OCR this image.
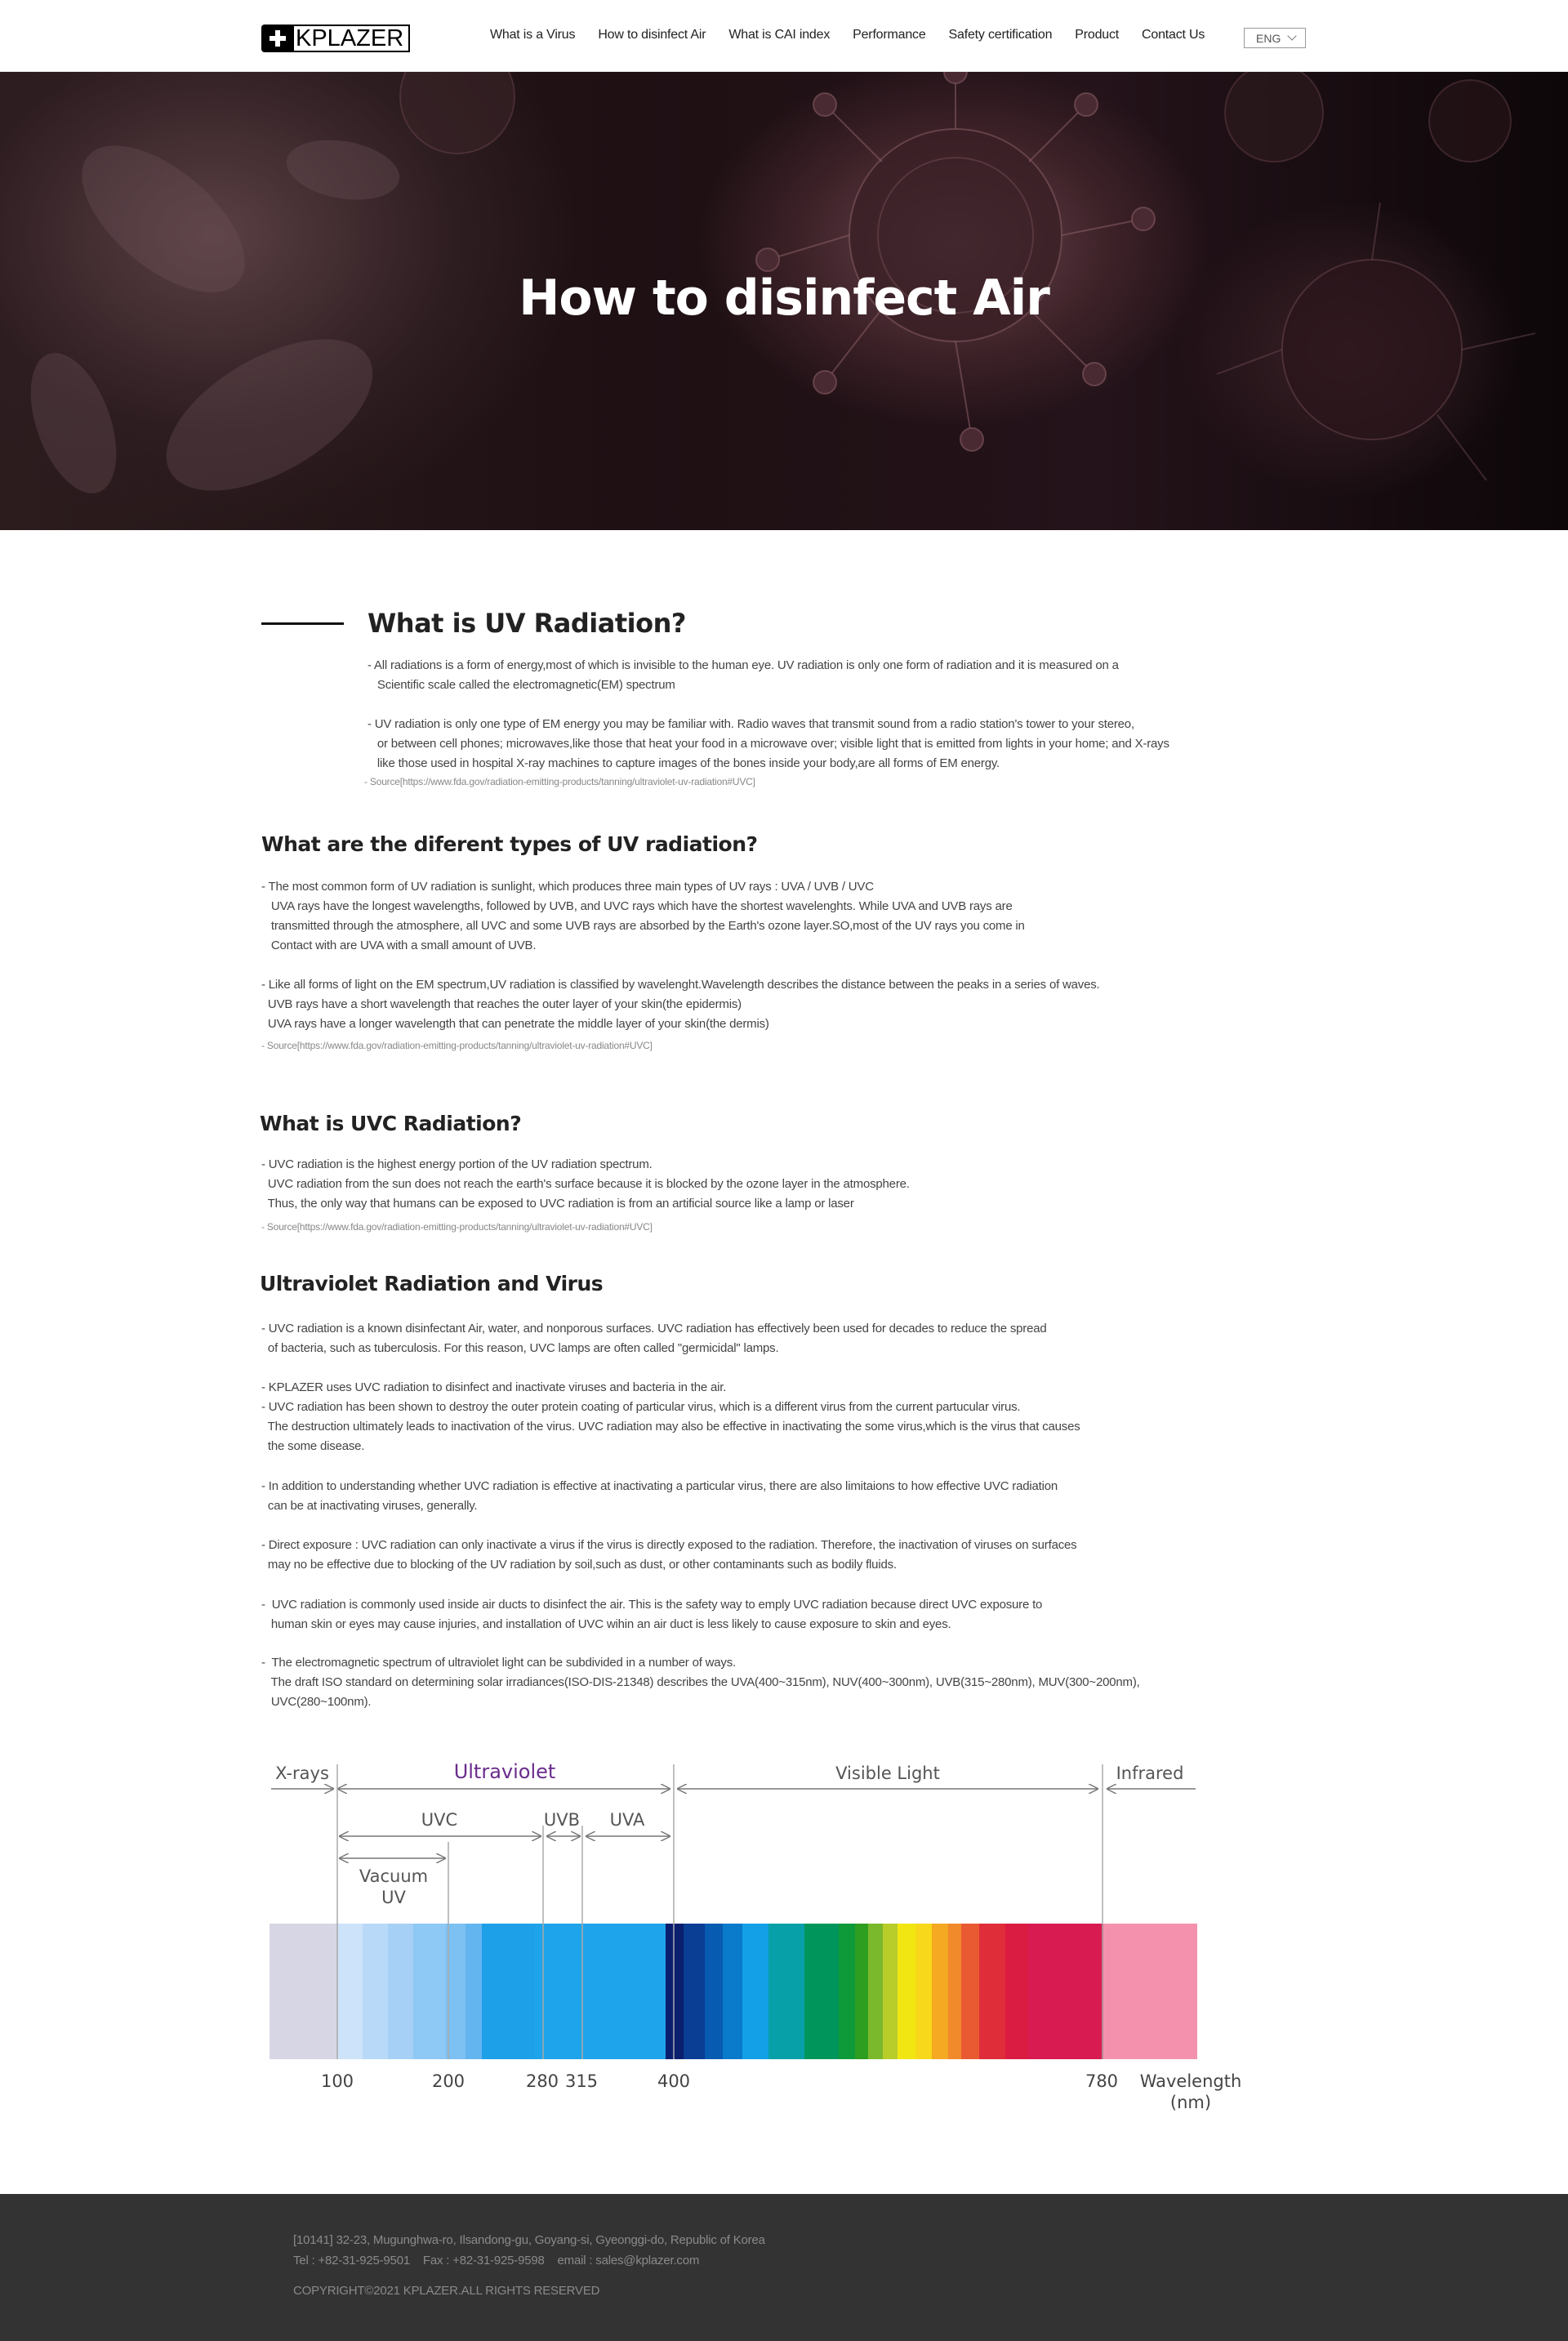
KPLAZER	What is a Virus How to disinfect Air What is CAI index Performance Safety certification Product Contact Us	ENG
How to disinfect Air
What is UV Radiation?
- All radiations is a form of energy,most of which is invisible to the human eye. UV radiation is only one form of radiation and it is measured on a
Scientific scale called the electromagnetic(EM) spectrum
- UV radiation is only one type of EM energy you may be familiar with. Radio waves that transmit sound from a radio station's tower to your stereo,
or between cell phones; microwaves,like those that heat your food in a microwave over; visible light that is emitted from lights in your home; and X-rays
like those used in hospital X-ray machines to capture images of the bones inside your body,are all forms of EM energy.
- Source[https://www.fda.gov/radiation-emitting-products/tanning/ultraviolet-uv-radiation#UVC]
What are the diferent types of UV radiation?
- The most common form of UV radiation is sunlight, which produces three main types of UV rays : UVA / UVB / UVC
UVA rays have the longest wavelengths, followed by UVB, and UVC rays which have the shortest wavelenghts. While UVA and UVB rays are
transmitted through the atmosphere, all UVC and some UVB rays are absorbed by the Earth's ozone layer.SO,most of the UV rays you come in
Contact with are UVA with a small amount of UVB.
- Like all forms of light on the EM spectrum,UV radiation is classified by wavelenght.Wavelength describes the distance between the peaks in a series of waves.
UVB rays have a short wavelength that reaches the outer layer of your skin(the epidermis)
UVA rays have a longer wavelength that can penetrate the middle layer of your skin(the dermis)
- Source[https://www.fda.gov/radiation-emitting-products/tanning/ultraviolet-uv-radiation#UVC]
What is UVC Radiation?
- UVC radiation is the highest energy portion of the UV radiation spectrum.
UVC radiation from the sun does not reach the earth's surface because it is blocked by the ozone layer in the atmosphere.
Thus, the only way that humans can be exposed to UVC radiation is from an artificial source like a lamp or laser
- Source[https://www.fda.gov/radiation-emitting-products/tanning/ultraviolet-uv-radiation#UVC]
Ultraviolet Radiation and Virus
- UVC radiation is a known disinfectant Air, water, and nonporous surfaces. UVC radiation has effectively been used for decades to reduce the spread
of bacteria, such as tuberculosis. For this reason, UVC lamps are often called "germicidal" lamps.
- KPLAZER uses UVC radiation to disinfect and inactivate viruses and bacteria in the air.
- UVC radiation has been shown to destroy the outer protein coating of particular virus, which is a different virus from the current partucular virus.
The destruction ultimately leads to inactivation of the virus. UVC radiation may also be effective in inactivating the some virus,which is the virus that causes
the some disease.
- In addition to understanding whether UVC radiation is effective at inactivating a particular virus, there are also limitaions to how effective UVC radiation
can be at inactivating viruses, generally.
- Direct exposure : UVC radiation can only inactivate a virus if the virus is directly exposed to the radiation. Therefore, the inactivation of viruses on surfaces
may no be effective due to blocking of the UV radiation by soil,such as dust, or other contaminants such as bodily fluids.
-  UVC radiation is commonly used inside air ducts to disinfect the air. This is the safety way to emply UVC radiation because direct UVC exposure to
human skin or eyes may cause injuries, and installation of UVC wihin an air duct is less likely to cause exposure to skin and eyes.
-  The electromagnetic spectrum of ultraviolet light can be subdivided in a number of ways.
The draft ISO standard on determining solar irradiances(ISO-DIS-21348) describes the UVA(400~315nm), NUV(400~300nm), UVB(315~280nm), MUV(300~200nm),
UVC(280~100nm).
X-rays	Ultraviolet	Visible Light	Infrared
UVC	UVB UVA
Vacuum
UV
100	200	280 315	400	780 Wavelength
(nm)
[10141] 32-23, Mugunghwa-ro, Ilsandong-gu, Goyang-si, Gyeonggi-do, Republic of Korea
Tel : +82-31-925-9501    Fax : +82-31-925-9598    email : sales@kplazer.com
COPYRIGHT©2021 KPLAZER.ALL RIGHTS RESERVED
